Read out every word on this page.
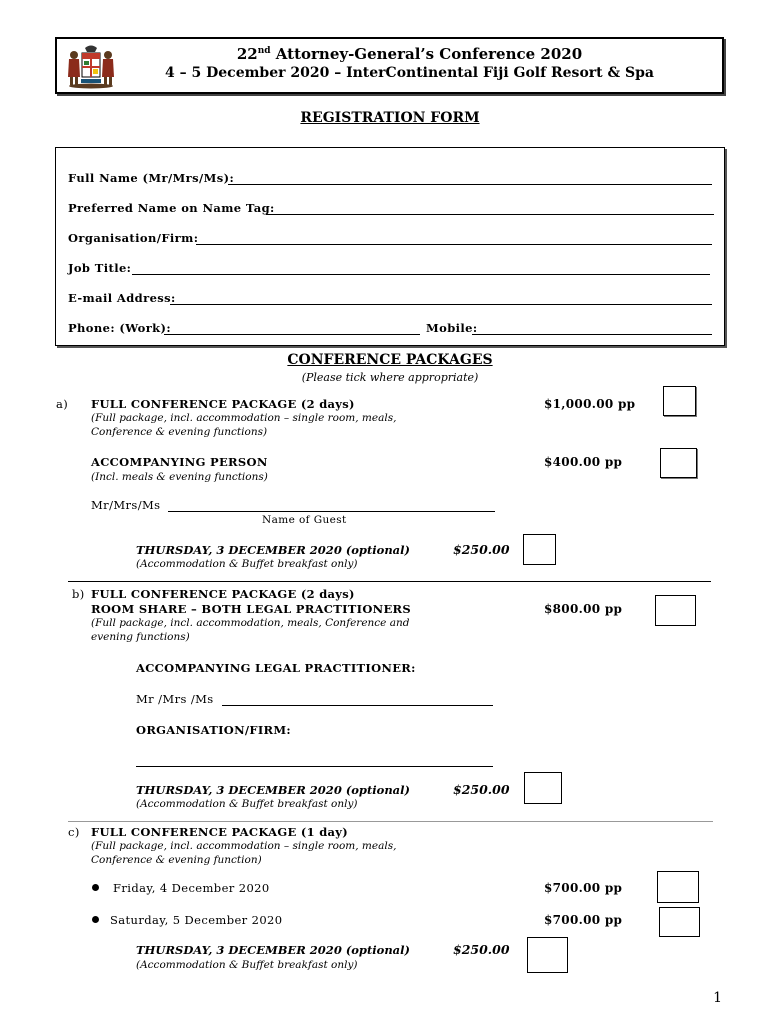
22nd Attorney-General’s Conference 2020
4 – 5 December 2020 – InterContinental Fiji Golf Resort & Spa
REGISTRATION FORM
Full Name (Mr/Mrs/Ms):
Preferred Name on Name Tag:
Organisation/Firm:
Job Title:
E-mail Address:
Phone: (Work):	Mobile:
CONFERENCE PACKAGES
(Please tick where appropriate)
a) FULL CONFERENCE PACKAGE (2 days)
(Full package, incl. accommodation – single room, meals,
Conference & evening functions)
$1,000.00 pp
ACCOMPANYING PERSON
(Incl. meals & evening functions)
$400.00 pp
Mr/Mrs/Ms
Name of Guest
THURSDAY, 3 DECEMBER 2020 (optional)
(Accommodation & Buffet breakfast only)
$250.00
b) FULL CONFERENCE PACKAGE (2 days)
ROOM SHARE – BOTH LEGAL PRACTITIONERS
(Full package, incl. accommodation, meals, Conference and
evening functions)
$800.00 pp
ACCOMPANYING LEGAL PRACTITIONER:
Mr /Mrs /Ms
ORGANISATION/FIRM:
THURSDAY, 3 DECEMBER 2020 (optional)
(Accommodation & Buffet breakfast only)
$250.00
c) FULL CONFERENCE PACKAGE (1 day)
(Full package, incl. accommodation – single room, meals,
Conference & evening function)
Friday, 4 December 2020	$700.00 pp
Saturday, 5 December 2020	$700.00 pp
THURSDAY, 3 DECEMBER 2020 (optional)
(Accommodation & Buffet breakfast only)
$250.00
1
